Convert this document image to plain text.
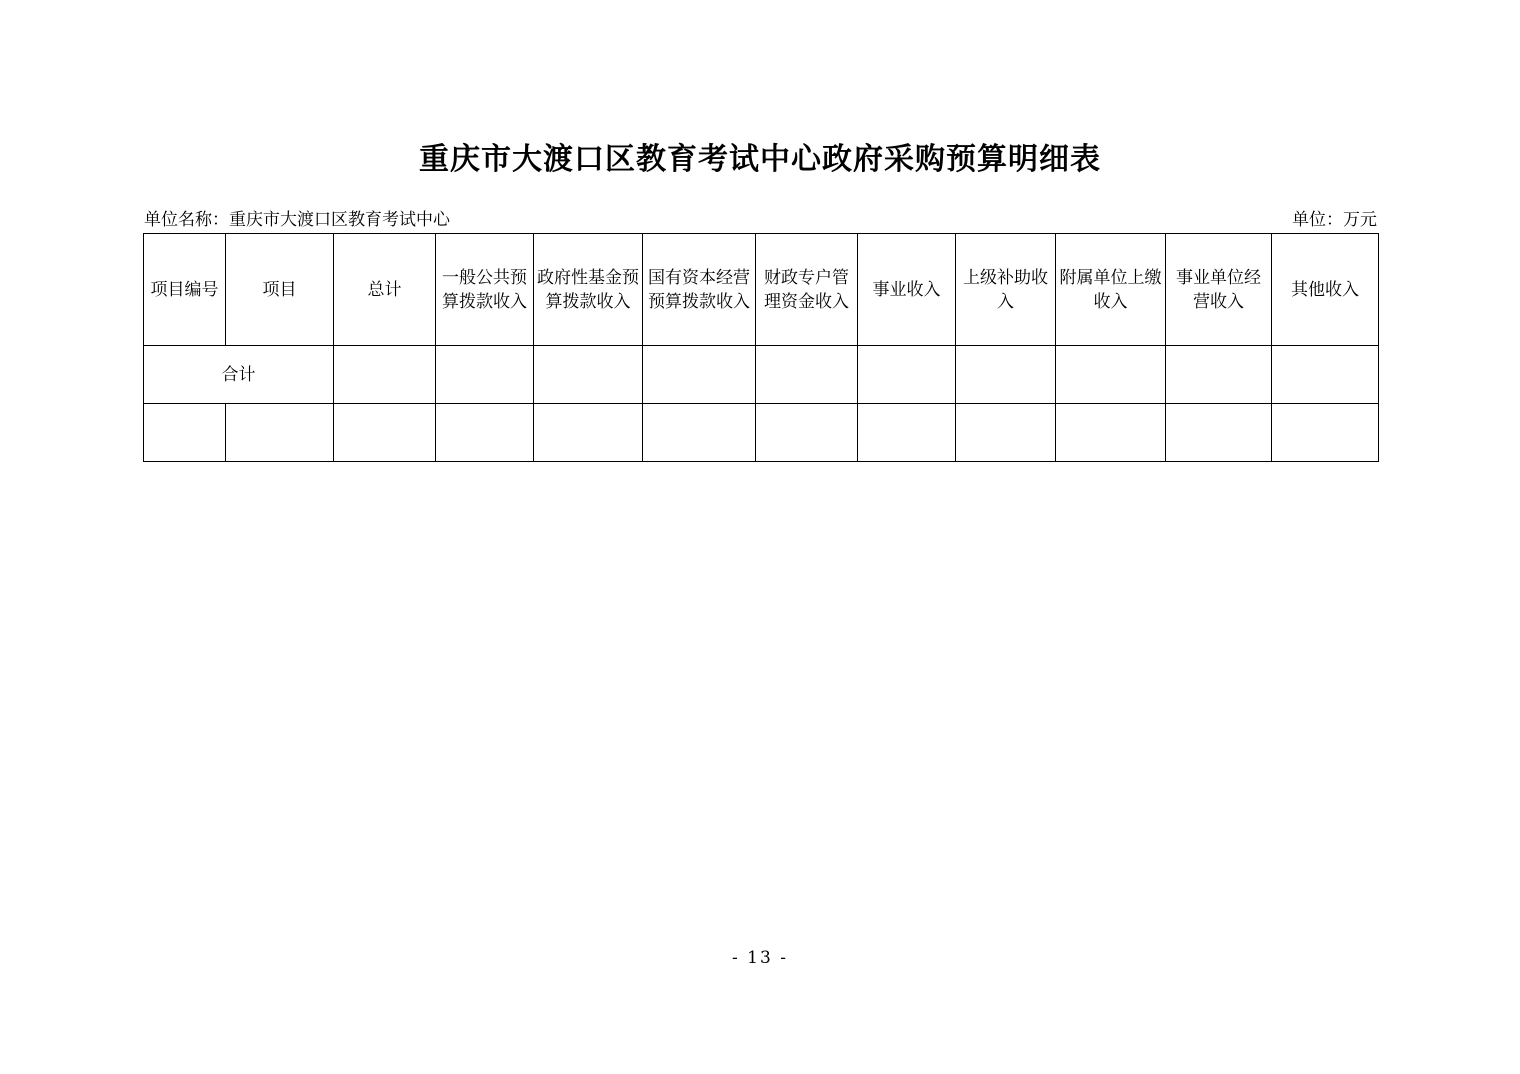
重庆市大渡口区教育考试中心政府采购预算明细表
单位名称：重庆市大渡口区教育考试中心	单位：万元
项目编号	项目	总计	一般公共预算拨款收入	政府性基金预算拨款收入	国有资本经营预算拨款收入	财政专户管理资金收入	事业收入	上级补助收入	附属单位上缴收入	事业单位经营收入	其他收入
合计											

- 13 -
